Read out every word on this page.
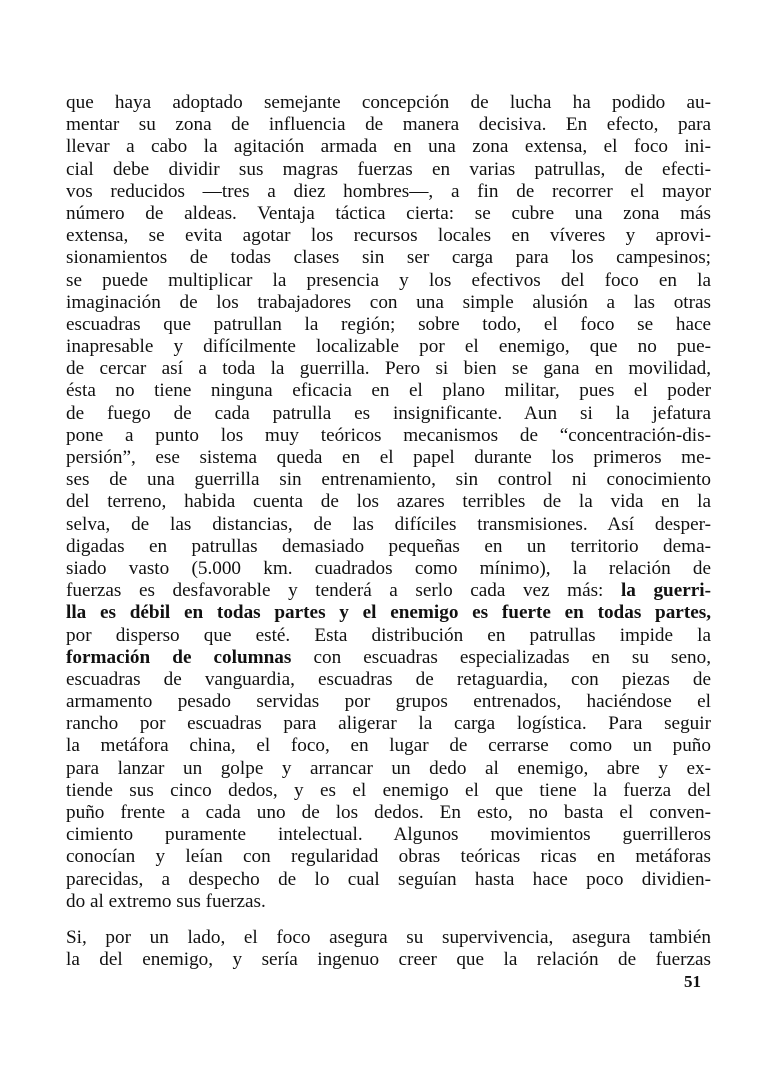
que haya adoptado semejante concepción de lucha ha podido au-
mentar su zona de influencia de manera decisiva. En efecto, para
llevar a cabo la agitación armada en una zona extensa, el foco ini-
cial debe dividir sus magras fuerzas en varias patrullas, de efecti-
vos reducidos —tres a diez hombres—, a fin de recorrer el mayor
número de aldeas. Ventaja táctica cierta: se cubre una zona más
extensa, se evita agotar los recursos locales en víveres y aprovi-
sionamientos de todas clases sin ser carga para los campesinos;
se puede multiplicar la presencia y los efectivos del foco en la
imaginación de los trabajadores con una simple alusión a las otras
escuadras que patrullan la región; sobre todo, el foco se hace
inapresable y difícilmente localizable por el enemigo, que no pue-
de cercar así a toda la guerrilla. Pero si bien se gana en movilidad,
ésta no tiene ninguna eficacia en el plano militar, pues el poder
de fuego de cada patrulla es insignificante. Aun si la jefatura
pone a punto los muy teóricos mecanismos de “concentración-dis-
persión”, ese sistema queda en el papel durante los primeros me-
ses de una guerrilla sin entrenamiento, sin control ni conocimiento
del terreno, habida cuenta de los azares terribles de la vida en la
selva, de las distancias, de las difíciles transmisiones. Así desper-
digadas en patrullas demasiado pequeñas en un territorio dema-
siado vasto (5.000 km. cuadrados como mínimo), la relación de
fuerzas es desfavorable y tenderá a serlo cada vez más: la guerri-
lla es débil en todas partes y el enemigo es fuerte en todas partes,
por disperso que esté. Esta distribución en patrullas impide la
formación de columnas con escuadras especializadas en su seno,
escuadras de vanguardia, escuadras de retaguardia, con piezas de
armamento pesado servidas por grupos entrenados, haciéndose el
rancho por escuadras para aligerar la carga logística. Para seguir
la metáfora china, el foco, en lugar de cerrarse como un puño
para lanzar un golpe y arrancar un dedo al enemigo, abre y ex-
tiende sus cinco dedos, y es el enemigo el que tiene la fuerza del
puño frente a cada uno de los dedos. En esto, no basta el conven-
cimiento puramente intelectual. Algunos movimientos guerrilleros
conocían y leían con regularidad obras teóricas ricas en metáforas
parecidas, a despecho de lo cual seguían hasta hace poco dividien-
do al extremo sus fuerzas.
Si, por un lado, el foco asegura su supervivencia, asegura también
la del enemigo, y sería ingenuo creer que la relación de fuerzas
51
